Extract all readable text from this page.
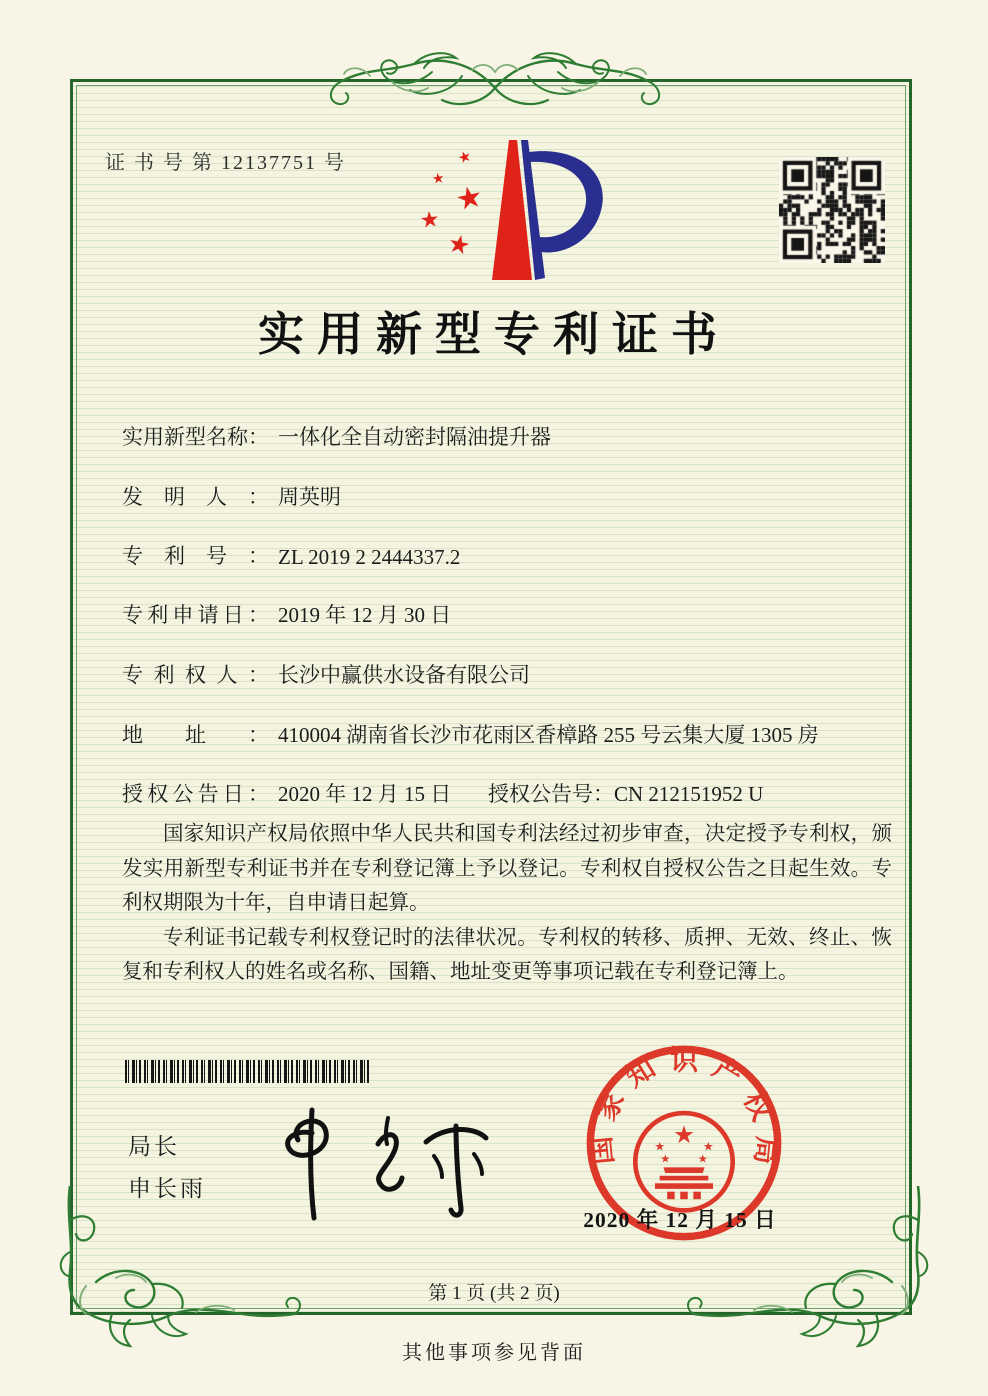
证 书 号 第 12137751 号	★
★ ★
★
★
实用新型专利证书
实用新型名称： 一体化全自动密封隔油提升器
发明人： 周英明
专利号： ZL 2019 2 2444337.2
专利申请日： 2019 年 12 月 30 日
专利权人： 长沙中赢供水设备有限公司
地址： 410004 湖南省长沙市花雨区香樟路 255 号云集大厦 1305 房
授权公告日： 2020 年 12 月 15 日 授权公告号：CN 212151952 U

国家知识产权局依照中华人民共和国专利法经过初步审查，决定授予专利权，颁发实用新型专利证书并在专利登记簿上予以登记。专利权自授权公告之日起生效。专利权期限为十年，自申请日起算。

专利证书记载专利权登记时的法律状况。专利权的转移、质押、无效、终止、恢复和专利权人的姓名或名称、国籍、地址变更等事项记载在专利登记簿上。

局长
申长雨
国家知识产权局
★
★	★
★ ★
2020 年 12 月 15 日
第 1 页 (共 2 页)
其他事项参见背面
